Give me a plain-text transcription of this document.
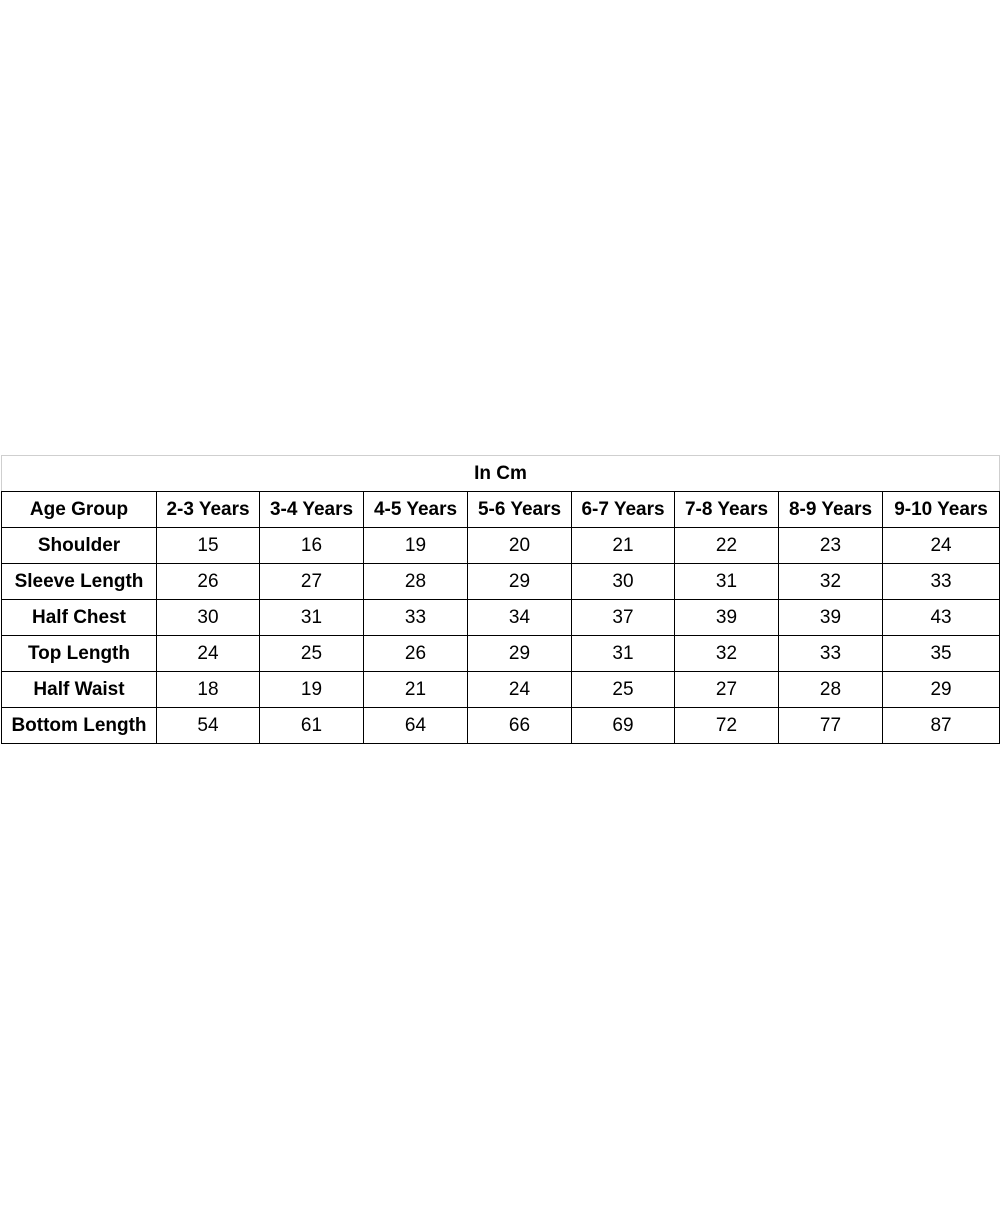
In Cm								
Age Group	2-3 Years	3-4 Years	4-5 Years	5-6 Years	6-7 Years	7-8 Years	8-9 Years	9-10 Years
Shoulder	15	16	19	20	21	22	23	24
Sleeve Length	26	27	28	29	30	31	32	33
Half Chest	30	31	33	34	37	39	39	43
Top Length	24	25	26	29	31	32	33	35
Half Waist	18	19	21	24	25	27	28	29
Bottom Length	54	61	64	66	69	72	77	87
